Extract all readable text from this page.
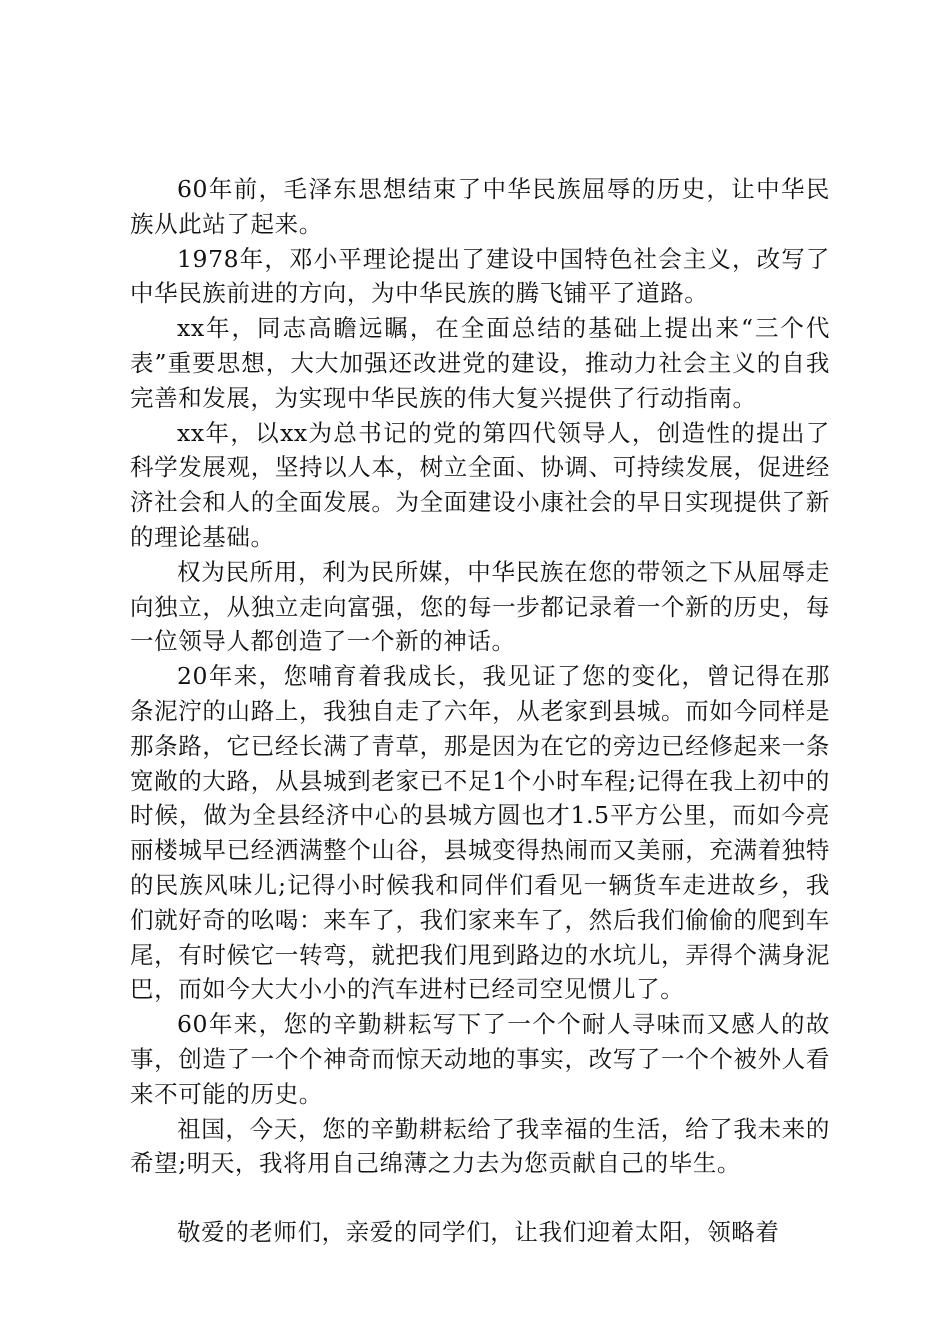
60年前，毛泽东思想结束了中华民族屈辱的历史，让中华民族从此站了起来。

1978年，邓小平理论提出了建设中国特色社会主义，改写了中华民族前进的方向，为中华民族的腾飞铺平了道路。

xx年，同志高瞻远瞩，在全面总结的基础上提出来“三个代表”重要思想，大大加强还改进党的建设，推动力社会主义的自我完善和发展，为实现中华民族的伟大复兴提供了行动指南。

xx年，以xx为总书记的党的第四代领导人，创造性的提出了科学发展观，坚持以人本，树立全面、协调、可持续发展，促进经济社会和人的全面发展。为全面建设小康社会的早日实现提供了新的理论基础。

权为民所用，利为民所媒，中华民族在您的带领之下从屈辱走向独立，从独立走向富强，您的每一步都记录着一个新的历史，每一位领导人都创造了一个新的神话。

20年来，您哺育着我成长，我见证了您的变化，曾记得在那条泥泞的山路上，我独自走了六年，从老家到县城。而如今同样是那条路，它已经长满了青草，那是因为在它的旁边已经修起来一条宽敞的大路，从县城到老家已不足1个小时车程;记得在我上初中的时候，做为全县经济中心的县城方圆也才1.5平方公里，而如今亮丽楼城早已经洒满整个山谷，县城变得热闹而又美丽，充满着独特的民族风味儿;记得小时候我和同伴们看见一辆货车走进故乡，我们就好奇的吆喝：来车了，我们家来车了，然后我们偷偷的爬到车尾，有时候它一转弯，就把我们甩到路边的水坑儿，弄得个满身泥巴，而如今大大小小的汽车进村已经司空见惯儿了。

60年来，您的辛勤耕耘写下了一个个耐人寻味而又感人的故事，创造了一个个神奇而惊天动地的事实，改写了一个个被外人看来不可能的历史。

祖国，今天，您的辛勤耕耘给了我幸福的生活，给了我未来的希望;明天，我将用自己绵薄之力去为您贡献自己的毕生。

敬爱的老师们，亲爱的同学们，让我们迎着太阳，领略着
